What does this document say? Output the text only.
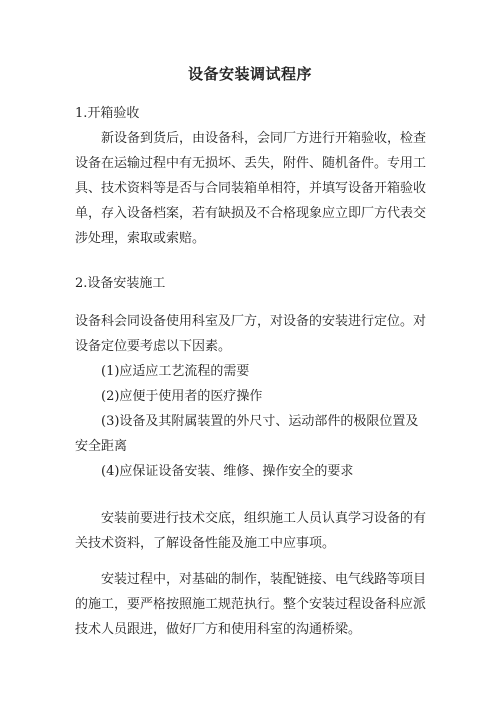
设备安装调试程序
1.开箱验收
新设备到货后，由设备科，会同厂方进行开箱验收，检查设备在运输过程中有无损坏、丢失，附件、随机备件。专用工具、技术资料等是否与合同装箱单相符，并填写设备开箱验收单，存入设备档案，若有缺损及不合格现象应立即厂方代表交涉处理，索取或索赔。
2.设备安装施工
设备科会同设备使用科室及厂方，对设备的安装进行定位。对设备定位要考虑以下因素。
(1)应适应工艺流程的需要
(2)应便于使用者的医疗操作
(3)设备及其附属装置的外尺寸、运动部件的极限位置及安全距离
(4)应保证设备安装、维修、操作安全的要求
安装前要进行技术交底，组织施工人员认真学习设备的有关技术资料，了解设备性能及施工中应事项。
安装过程中，对基础的制作，装配链接、电气线路等项目的施工，要严格按照施工规范执行。整个安装过程设备科应派技术人员跟进，做好厂方和使用科室的沟通桥梁。
